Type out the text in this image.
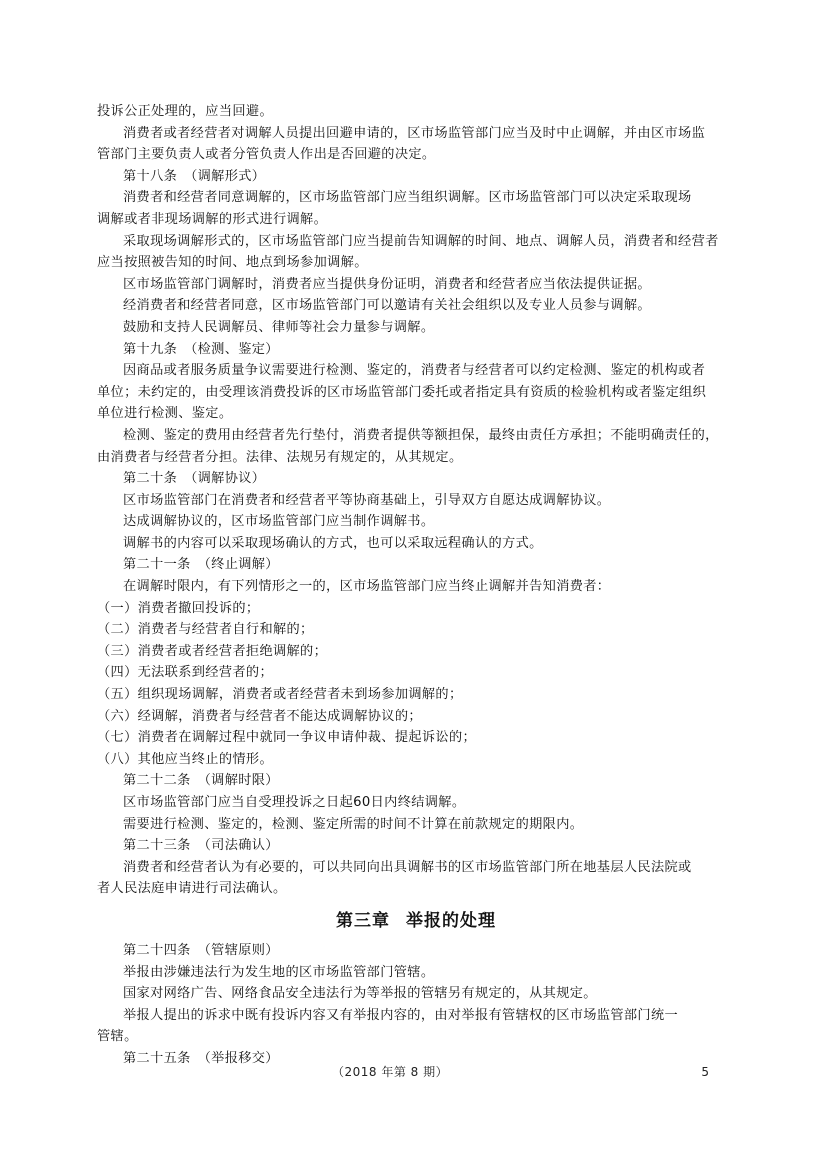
投诉公正处理的，应当回避。
消费者或者经营者对调解人员提出回避申请的，区市场监管部门应当及时中止调解，并由区市场监
管部门主要负责人或者分管负责人作出是否回避的决定。
第十八条　（调解形式）
消费者和经营者同意调解的，区市场监管部门应当组织调解。区市场监管部门可以决定采取现场
调解或者非现场调解的形式进行调解。
采取现场调解形式的，区市场监管部门应当提前告知调解的时间、地点、调解人员，消费者和经营者
应当按照被告知的时间、地点到场参加调解。
区市场监管部门调解时，消费者应当提供身份证明，消费者和经营者应当依法提供证据。
经消费者和经营者同意，区市场监管部门可以邀请有关社会组织以及专业人员参与调解。
鼓励和支持人民调解员、律师等社会力量参与调解。
第十九条　（检测、鉴定）
因商品或者服务质量争议需要进行检测、鉴定的，消费者与经营者可以约定检测、鉴定的机构或者
单位；未约定的，由受理该消费投诉的区市场监管部门委托或者指定具有资质的检验机构或者鉴定组织
单位进行检测、鉴定。
检测、鉴定的费用由经营者先行垫付，消费者提供等额担保，最终由责任方承担；不能明确责任的，
由消费者与经营者分担。法律、法规另有规定的，从其规定。
第二十条　（调解协议）
区市场监管部门在消费者和经营者平等协商基础上，引导双方自愿达成调解协议。
达成调解协议的，区市场监管部门应当制作调解书。
调解书的内容可以采取现场确认的方式，也可以采取远程确认的方式。
第二十一条　（终止调解）
在调解时限内，有下列情形之一的，区市场监管部门应当终止调解并告知消费者：
（一）消费者撤回投诉的；
（二）消费者与经营者自行和解的；
（三）消费者或者经营者拒绝调解的；
（四）无法联系到经营者的；
（五）组织现场调解，消费者或者经营者未到场参加调解的；
（六）经调解，消费者与经营者不能达成调解协议的；
（七）消费者在调解过程中就同一争议申请仲裁、提起诉讼的；
（八）其他应当终止的情形。
第二十二条　（调解时限）
区市场监管部门应当自受理投诉之日起60日内终结调解。
需要进行检测、鉴定的，检测、鉴定所需的时间不计算在前款规定的期限内。
第二十三条　（司法确认）
消费者和经营者认为有必要的，可以共同向出具调解书的区市场监管部门所在地基层人民法院或
者人民法庭申请进行司法确认。
第三章 举报的处理
第二十四条　（管辖原则）
举报由涉嫌违法行为发生地的区市场监管部门管辖。
国家对网络广告、网络食品安全违法行为等举报的管辖另有规定的，从其规定。
举报人提出的诉求中既有投诉内容又有举报内容的，由对举报有管辖权的区市场监管部门统一
管辖。
第二十五条　（举报移交）
（2018 年第 8 期）	5
